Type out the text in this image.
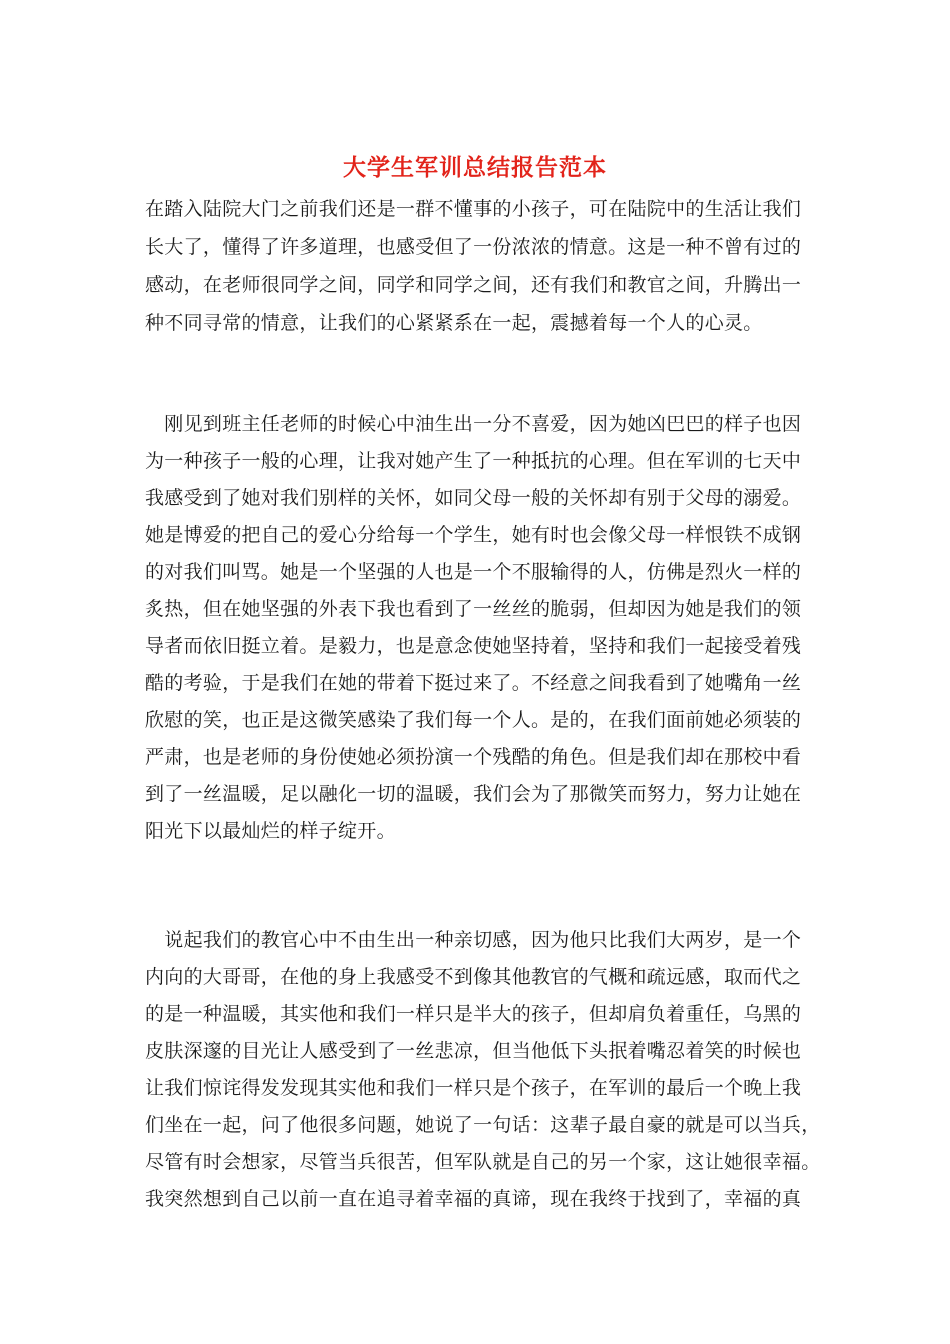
大学生军训总结报告范本
在踏入陆院大门之前我们还是一群不懂事的小孩子，可在陆院中的生活让我们
长大了，懂得了许多道理，也感受但了一份浓浓的情意。这是一种不曾有过的
感动，在老师很同学之间，同学和同学之间，还有我们和教官之间，升腾出一
种不同寻常的情意，让我们的心紧紧系在一起，震撼着每一个人的心灵。
　刚见到班主任老师的时候心中油生出一分不喜爱，因为她凶巴巴的样子也因
为一种孩子一般的心理，让我对她产生了一种抵抗的心理。但在军训的七天中
我感受到了她对我们别样的关怀，如同父母一般的关怀却有别于父母的溺爱。
她是博爱的把自己的爱心分给每一个学生，她有时也会像父母一样恨铁不成钢
的对我们叫骂。她是一个坚强的人也是一个不服输得的人，仿佛是烈火一样的
炙热，但在她坚强的外表下我也看到了一丝丝的脆弱，但却因为她是我们的领
导者而依旧挺立着。是毅力，也是意念使她坚持着，坚持和我们一起接受着残
酷的考验，于是我们在她的带着下挺过来了。不经意之间我看到了她嘴角一丝
欣慰的笑，也正是这微笑感染了我们每一个人。是的，在我们面前她必须装的
严肃，也是老师的身份使她必须扮演一个残酷的角色。但是我们却在那校中看
到了一丝温暖，足以融化一切的温暖，我们会为了那微笑而努力，努力让她在
阳光下以最灿烂的样子绽开。
　说起我们的教官心中不由生出一种亲切感，因为他只比我们大两岁，是一个
内向的大哥哥，在他的身上我感受不到像其他教官的气概和疏远感，取而代之
的是一种温暖，其实他和我们一样只是半大的孩子，但却肩负着重任，乌黑的
皮肤深邃的目光让人感受到了一丝悲凉，但当他低下头抿着嘴忍着笑的时候也
让我们惊诧得发发现其实他和我们一样只是个孩子，在军训的最后一个晚上我
们坐在一起，问了他很多问题，她说了一句话：这辈子最自豪的就是可以当兵，
尽管有时会想家，尽管当兵很苦，但军队就是自己的另一个家，这让她很幸福。
我突然想到自己以前一直在追寻着幸福的真谛，现在我终于找到了，幸福的真
